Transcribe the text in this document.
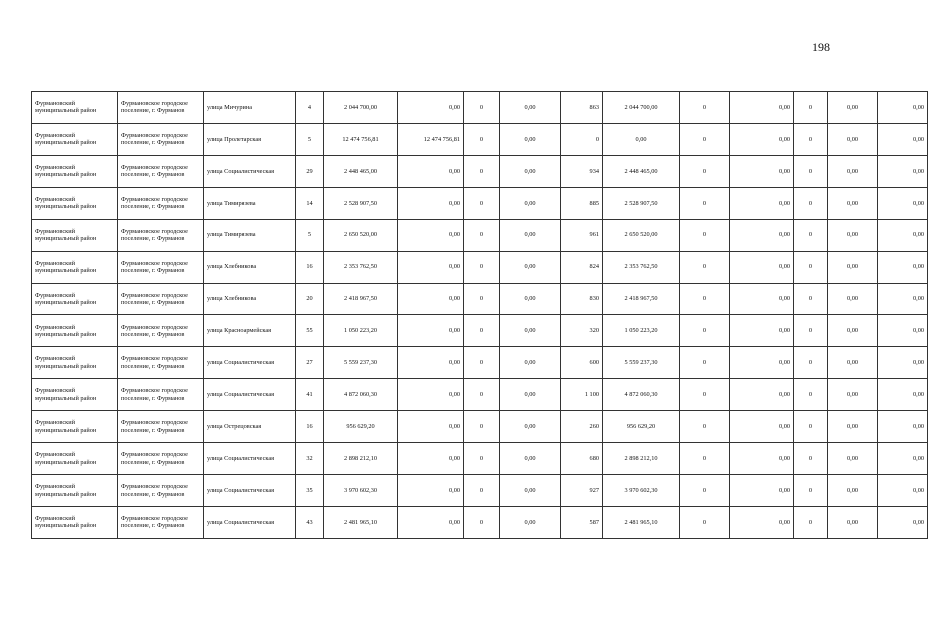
198
Фурмановский муниципальный район	Фурмановское городское поселение, г. Фурманов	улица Мичурина	4	2 044 700,00	0,00	0	0,00	863	2 044 700,00	0	0,00	0	0,00	0,00
Фурмановский муниципальный район	Фурмановское городское поселение, г. Фурманов	улица Пролетарская	5	12 474 756,81	12 474 756,81	0	0,00	0	0,00	0	0,00	0	0,00	0,00
Фурмановский муниципальный район	Фурмановское городское поселение, г. Фурманов	улица Социалистическая	29	2 448 465,00	0,00	0	0,00	934	2 448 465,00	0	0,00	0	0,00	0,00
Фурмановский муниципальный район	Фурмановское городское поселение, г. Фурманов	улица Тимирязева	14	2 528 907,50	0,00	0	0,00	885	2 528 907,50	0	0,00	0	0,00	0,00
Фурмановский муниципальный район	Фурмановское городское поселение, г. Фурманов	улица Тимирязева	5	2 650 520,00	0,00	0	0,00	961	2 650 520,00	0	0,00	0	0,00	0,00
Фурмановский муниципальный район	Фурмановское городское поселение, г. Фурманов	улица Хлебникова	16	2 353 762,50	0,00	0	0,00	824	2 353 762,50	0	0,00	0	0,00	0,00
Фурмановский муниципальный район	Фурмановское городское поселение, г. Фурманов	улица Хлебникова	20	2 418 967,50	0,00	0	0,00	830	2 418 967,50	0	0,00	0	0,00	0,00
Фурмановский муниципальный район	Фурмановское городское поселение, г. Фурманов	улица Красноармейская	55	1 050 223,20	0,00	0	0,00	320	1 050 223,20	0	0,00	0	0,00	0,00
Фурмановский муниципальный район	Фурмановское городское поселение, г. Фурманов	улица Социалистическая	27	5 559 237,30	0,00	0	0,00	600	5 559 237,30	0	0,00	0	0,00	0,00
Фурмановский муниципальный район	Фурмановское городское поселение, г. Фурманов	улица Социалистическая	41	4 872 060,30	0,00	0	0,00	1 100	4 872 060,30	0	0,00	0	0,00	0,00
Фурмановский муниципальный район	Фурмановское городское поселение, г. Фурманов	улица Острецовская	16	956 629,20	0,00	0	0,00	260	956 629,20	0	0,00	0	0,00	0,00
Фурмановский муниципальный район	Фурмановское городское поселение, г. Фурманов	улица Социалистическая	32	2 898 212,10	0,00	0	0,00	680	2 898 212,10	0	0,00	0	0,00	0,00
Фурмановский муниципальный район	Фурмановское городское поселение, г. Фурманов	улица Социалистическая	35	3 970 602,30	0,00	0	0,00	927	3 970 602,30	0	0,00	0	0,00	0,00
Фурмановский муниципальный район	Фурмановское городское поселение, г. Фурманов	улица Социалистическая	43	2 481 965,10	0,00	0	0,00	587	2 481 965,10	0	0,00	0	0,00	0,00
